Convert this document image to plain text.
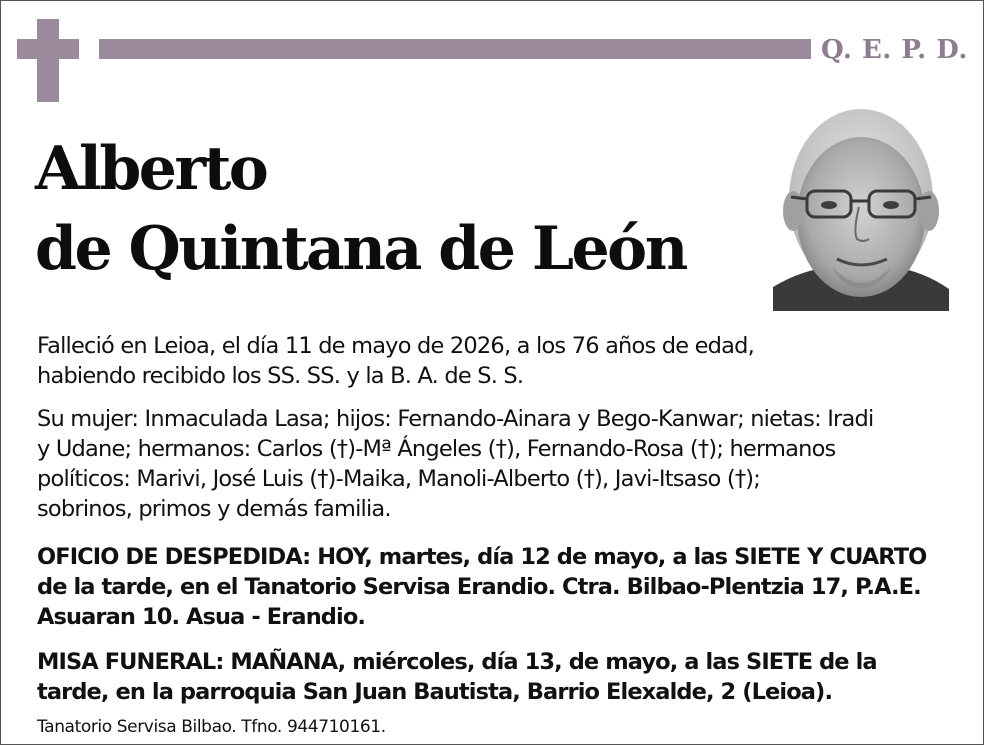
Q. E. P. D.
Alberto
de Quintana de León
Falleció en Leioa, el día 11 de mayo de 2026, a los 76 años de edad,
habiendo recibido los SS. SS. y la B. A. de S. S.
Su mujer: Inmaculada Lasa; hijos: Fernando-Ainara y Bego-Kanwar; nietas: Iradi
y Udane; hermanos: Carlos (†)-Mª Ángeles (†), Fernando-Rosa (†); hermanos
políticos: Marivi, José Luis (†)-Maika, Manoli-Alberto (†), Javi-Itsaso (†);
sobrinos, primos y demás familia.
OFICIO DE DESPEDIDA: HOY, martes, día 12 de mayo, a las SIETE Y CUARTO
de la tarde, en el Tanatorio Servisa Erandio. Ctra. Bilbao-Plentzia 17, P.A.E.
Asuaran 10. Asua - Erandio.
MISA FUNERAL: MAÑANA, miércoles, día 13, de mayo, a las SIETE de la
tarde, en la parroquia San Juan Bautista, Barrio Elexalde, 2 (Leioa).
Tanatorio Servisa Bilbao. Tfno. 944710161.
